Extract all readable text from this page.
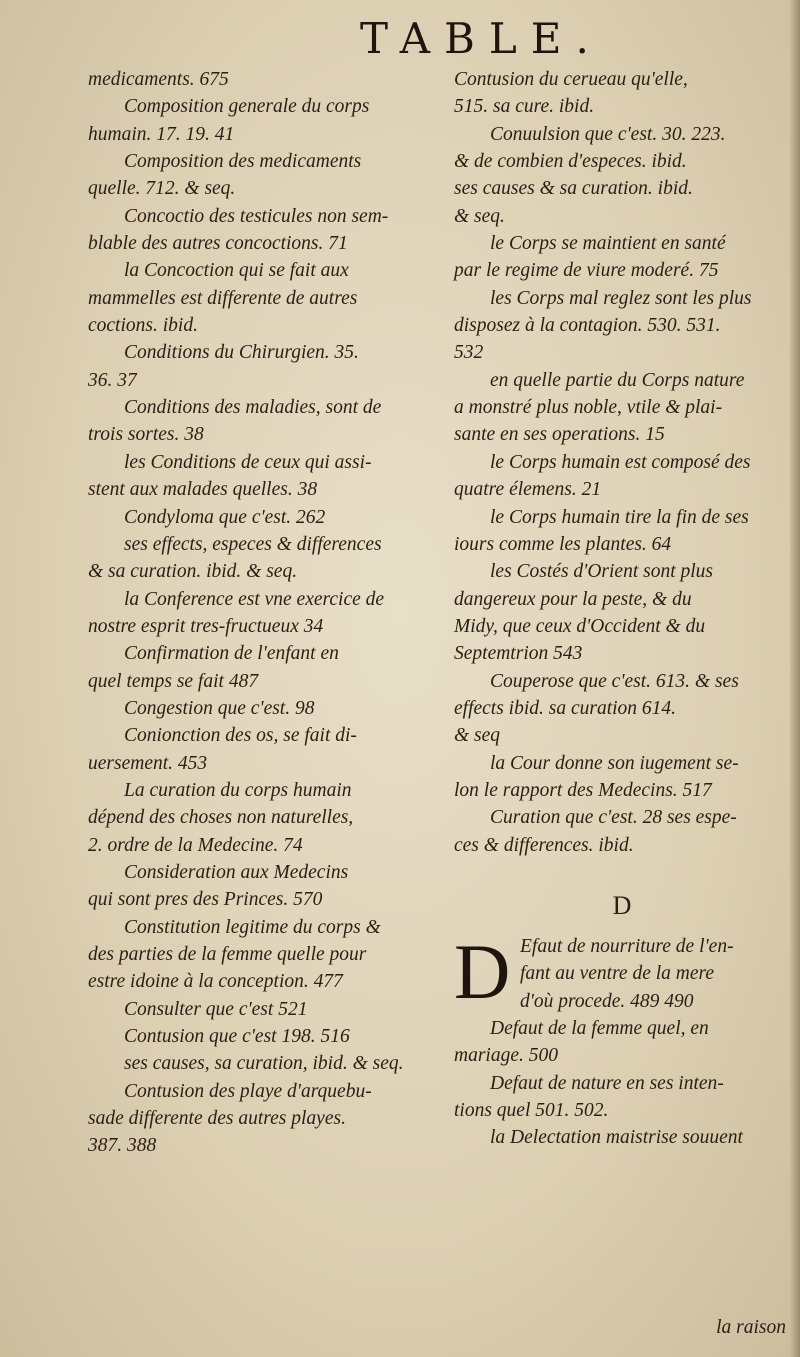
TABLE.
medicaments. 675
Composition generale du corps
humain. 17. 19. 41
Composition des medicaments
quelle. 712. & seq.
Concoctio des testicules non sem-
blable des autres concoctions. 71
la Concoction qui se fait aux
mammelles est differente de autres
coctions. ibid.
Conditions du Chirurgien. 35.
36. 37
Conditions des maladies, sont de
trois sortes. 38
les Conditions de ceux qui assi-
stent aux malades quelles. 38
Condyloma que c'est. 262
ses effects, especes & differences
& sa curation. ibid. & seq.
la Conference est vne exercice de
nostre esprit tres-fructueux 34
Confirmation de l'enfant en
quel temps se fait 487
Congestion que c'est. 98
Conionction des os, se fait di-
uersement. 453
La curation du corps humain
dépend des choses non naturelles,
2. ordre de la Medecine. 74
Consideration aux Medecins
qui sont pres des Princes. 570
Constitution legitime du corps &
des parties de la femme quelle pour
estre idoine à la conception. 477
Consulter que c'est 521
Contusion que c'est 198. 516
ses causes, sa curation, ibid. & seq.
Contusion des playe d'arquebu-
sade differente des autres playes.
387. 388
Contusion du cerueau qu'elle,
515. sa cure. ibid.
Conuulsion que c'est. 30. 223.
& de combien d'especes. ibid.
ses causes & sa curation. ibid.
& seq.
le Corps se maintient en santé
par le regime de viure moderé. 75
les Corps mal reglez sont les plus
disposez à la contagion. 530. 531.
532
en quelle partie du Corps nature
a monstré plus noble, vtile & plai-
sante en ses operations. 15
le Corps humain est composé des
quatre élemens. 21
le Corps humain tire la fin de ses
iours comme les plantes. 64
les Costés d'Orient sont plus
dangereux pour la peste, & du
Midy, que ceux d'Occident & du
Septemtrion 543
Couperose que c'est. 613. & ses
effects ibid. sa curation 614.
& seq
la Cour donne son iugement se-
lon le rapport des Medecins. 517
Curation que c'est. 28 ses espe-
ces & differences. ibid.
D
D Efaut de nourriture de l'en-
fant au ventre de la mere
d'où procede. 489 490
Defaut de la femme quel, en
mariage. 500
Defaut de nature en ses inten-
tions quel 501. 502.
la Delectation maistrise souuent
la raison
